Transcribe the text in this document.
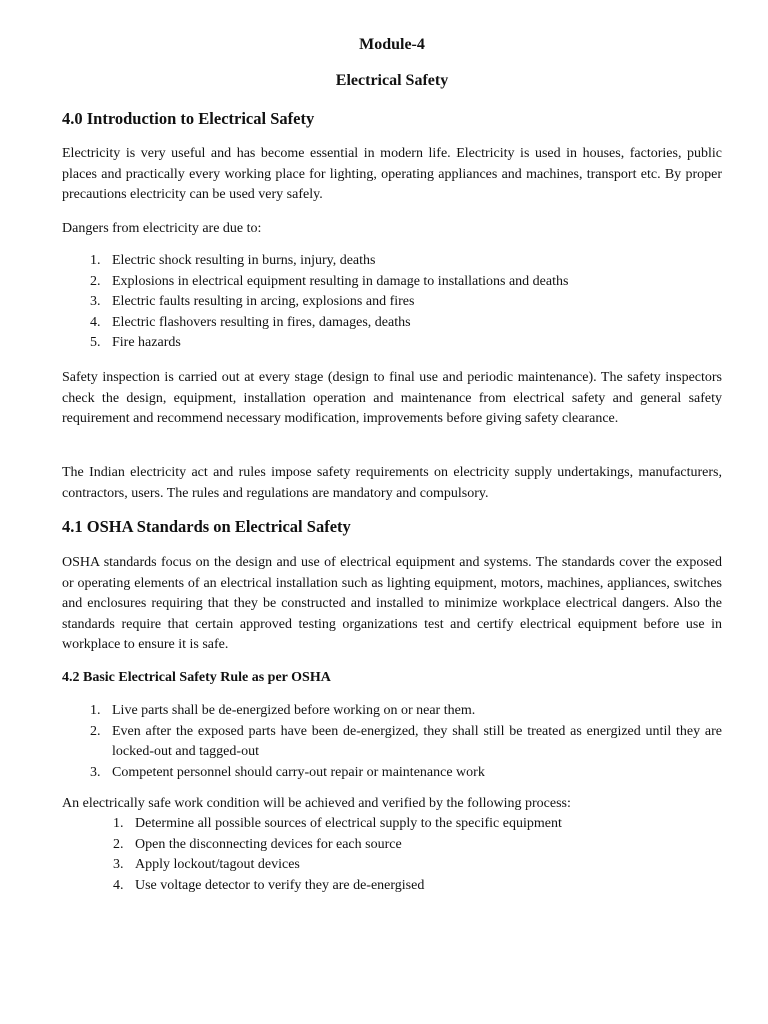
Module-4
Electrical Safety
4.0 Introduction to Electrical Safety

Electricity is very useful and has become essential in modern life. Electricity is used in houses, factories, public places and practically every working place for lighting, operating appliances and machines, transport etc. By proper precautions electricity can be used very safely.

Dangers from electricity are due to:

1. Electric shock resulting in burns, injury, deaths
2. Explosions in electrical equipment resulting in damage to installations and deaths
3. Electric faults resulting in arcing, explosions and fires
4. Electric flashovers resulting in fires, damages, deaths
5. Fire hazards

Safety inspection is carried out at every stage (design to final use and periodic maintenance). The safety inspectors check the design, equipment, installation operation and maintenance from electrical safety and general safety requirement and recommend necessary modification, improvements before giving safety clearance.

The Indian electricity act and rules impose safety requirements on electricity supply undertakings, manufacturers, contractors, users. The rules and regulations are mandatory and compulsory.

4.1 OSHA Standards on Electrical Safety

OSHA standards focus on the design and use of electrical equipment and systems. The standards cover the exposed or operating elements of an electrical installation such as lighting equipment, motors, machines, appliances, switches and enclosures requiring that they be constructed and installed to minimize workplace electrical dangers. Also the standards require that certain approved testing organizations test and certify electrical equipment before use in workplace to ensure it is safe.

4.2 Basic Electrical Safety Rule as per OSHA
1. Live parts shall be de-energized before working on or near them.
2. Even after the exposed parts have been de-energized, they shall still be treated as energized until they are locked-out and tagged-out
3. Competent personnel should carry-out repair or maintenance work

An electrically safe work condition will be achieved and verified by the following process:

1. Determine all possible sources of electrical supply to the specific equipment
2. Open the disconnecting devices for each source
3. Apply lockout/tagout devices
4. Use voltage detector to verify they are de-energised
